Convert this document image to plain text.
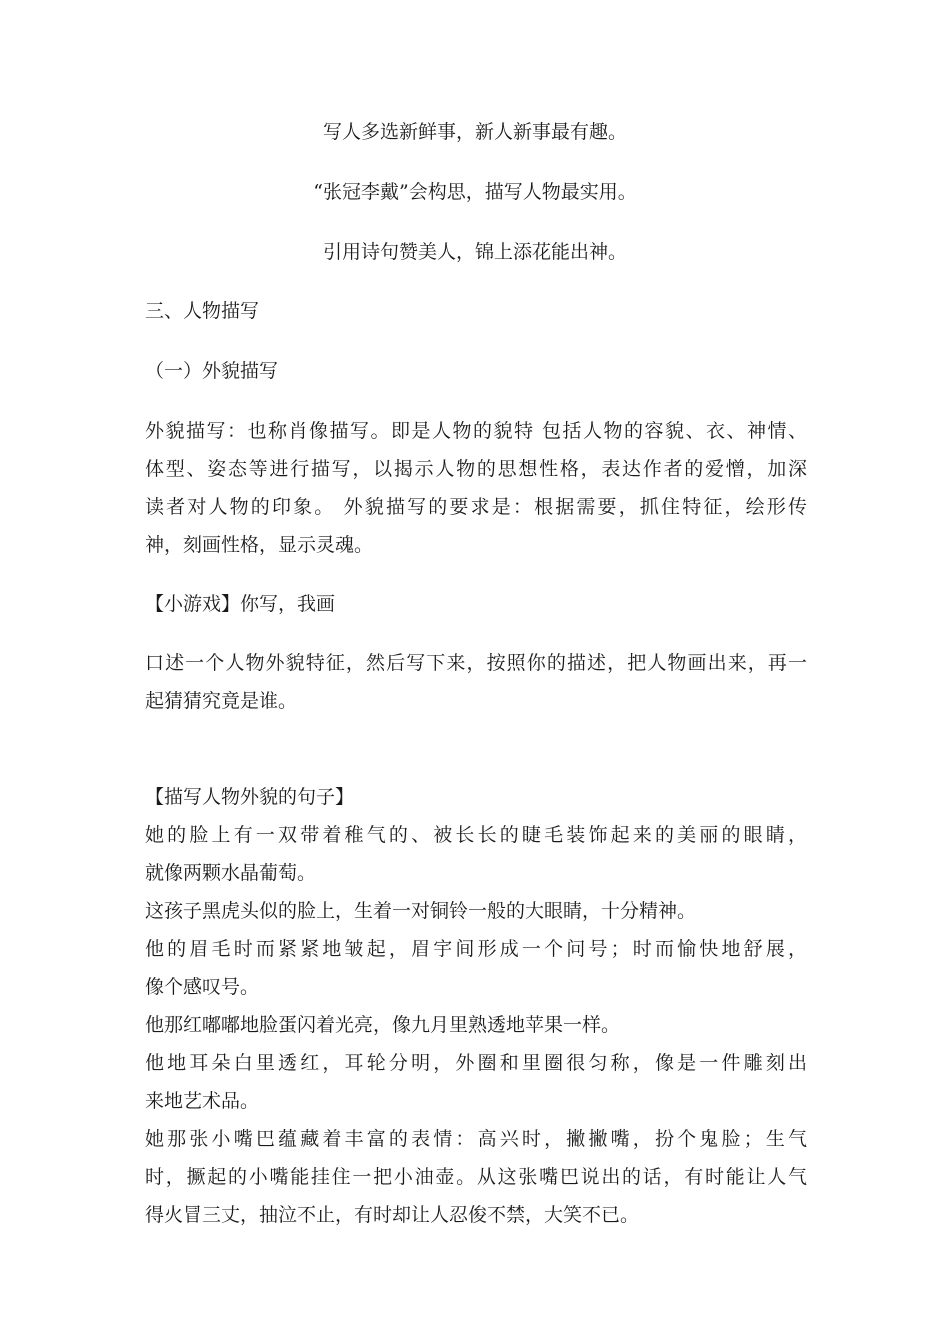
写人多选新鲜事，新人新事最有趣。
“张冠李戴”会构思，描写人物最实用。
引用诗句赞美人，锦上添花能出神。
三、人物描写
（一）外貌描写
外貌描写：也称肖像描写。即是人物的貌特 包括人物的容貌、衣、神情、
体型、姿态等进行描写，以揭示人物的思想性格，表达作者的爱憎，加深
读者对人物的印象。 外貌描写的要求是：根据需要，抓住特征，绘形传
神，刻画性格，显示灵魂。
【小游戏】你写，我画
口述一个人物外貌特征，然后写下来，按照你的描述，把人物画出来，再一
起猜猜究竟是谁。
【描写人物外貌的句子】
她的脸上有一双带着稚气的、被长长的睫毛装饰起来的美丽的眼睛，
就像两颗水晶葡萄。
这孩子黑虎头似的脸上，生着一对铜铃一般的大眼睛，十分精神。
他的眉毛时而紧紧地皱起，眉宇间形成一个问号；时而愉快地舒展，
像个感叹号。
他那红嘟嘟地脸蛋闪着光亮，像九月里熟透地苹果一样。
他地耳朵白里透红，耳轮分明，外圈和里圈很匀称，像是一件雕刻出
来地艺术品。
她那张小嘴巴蕴藏着丰富的表情：高兴时，撇撇嘴，扮个鬼脸；生气
时，撅起的小嘴能挂住一把小油壶。从这张嘴巴说出的话，有时能让人气
得火冒三丈，抽泣不止，有时却让人忍俊不禁，大笑不已。
